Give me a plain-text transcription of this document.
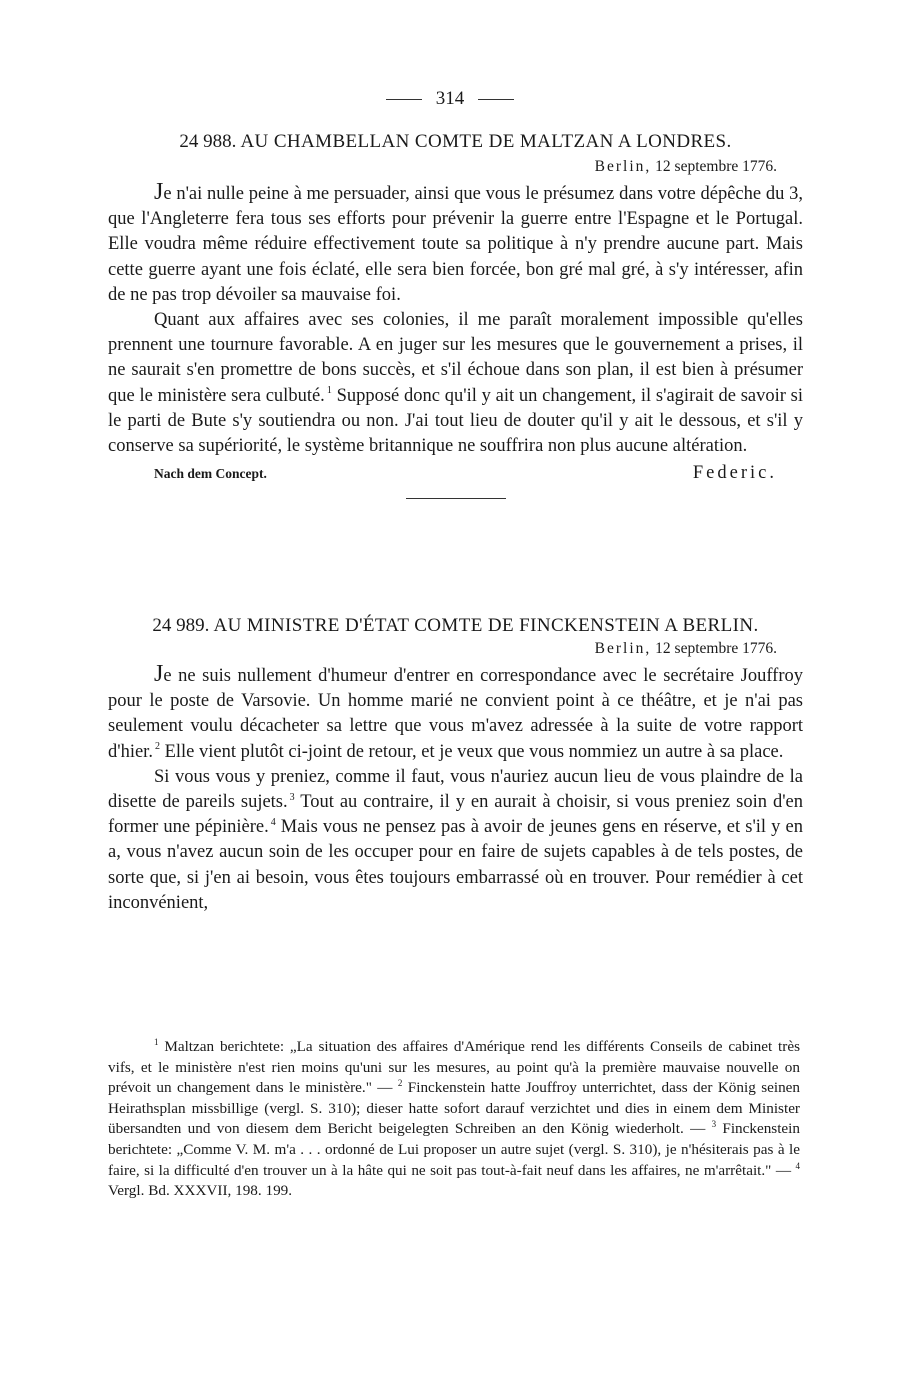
314
24 988. AU CHAMBELLAN COMTE DE MALTZAN A LONDRES.
Berlin, 12 septembre 1776.

Je n'ai nulle peine à me persuader, ainsi que vous le présumez dans votre dépêche du 3, que l'Angleterre fera tous ses efforts pour prévenir la guerre entre l'Espagne et le Portugal. Elle voudra même réduire effectivement toute sa politique à n'y prendre aucune part. Mais cette guerre ayant une fois éclaté, elle sera bien forcée, bon gré mal gré, à s'y intéresser, afin de ne pas trop dévoiler sa mauvaise foi.

Quant aux affaires avec ses colonies, il me paraît moralement impossible qu'elles prennent une tournure favorable. A en juger sur les mesures que le gouvernement a prises, il ne saurait s'en promettre de bons succès, et s'il échoue dans son plan, il est bien à présumer que le ministère sera culbuté. $^1$ Supposé donc qu'il y ait un changement, il s'agirait de savoir si le parti de Bute s'y soutiendra ou non. J'ai tout lieu de douter qu'il y ait le dessous, et s'il y conserve sa supériorité, le système britannique ne souffrira non plus aucune altération.

Nach dem Concept.	Federic.
24 989. AU MINISTRE D'ÉTAT COMTE DE FINCKENSTEIN A BERLIN.
Berlin, 12 septembre 1776.

Je ne suis nullement d'humeur d'entrer en correspondance avec le secrétaire Jouffroy pour le poste de Varsovie. Un homme marié ne convient point à ce théâtre, et je n'ai pas seulement voulu décacheter sa lettre que vous m'avez adressée à la suite de votre rapport d'hier. $^2$ Elle vient plutôt ci-joint de retour, et je veux que vous nommiez un autre à sa place.

Si vous vous y preniez, comme il faut, vous n'auriez aucun lieu de vous plaindre de la disette de pareils sujets. $^3$ Tout au contraire, il y en aurait à choisir, si vous preniez soin d'en former une pépinière. $^4$ Mais vous ne pensez pas à avoir de jeunes gens en réserve, et s'il y en a, vous n'avez aucun soin de les occuper pour en faire de sujets capables à de tels postes, de sorte que, si j'en ai besoin, vous êtes toujours embarrassé où en trouver. Pour remédier à cet inconvénient,

$^1$ Maltzan berichtete: „La situation des affaires d'Amérique rend les différents Conseils de cabinet très vifs, et le ministère n'est rien moins qu'uni sur les mesures, au point qu'à la première mauvaise nouvelle on prévoit un changement dans le ministère." — $^2$ Finckenstein hatte Jouffroy unterrichtet, dass der König seinen Heirathsplan missbillige (vergl. S. 310); dieser hatte sofort darauf verzichtet und dies in einem dem Minister übersandten und von diesem dem Bericht beigelegten Schreiben an den König wiederholt. — $^3$ Finckenstein berichtete: „Comme V. M. m'a . . . ordonné de Lui proposer un autre sujet (vergl. S. 310), je n'hésiterais pas à le faire, si la difficulté d'en trouver un à la hâte qui ne soit pas tout-à-fait neuf dans les affaires, ne m'arrêtait." — $^4$ Vergl. Bd. XXXVII, 198. 199.
